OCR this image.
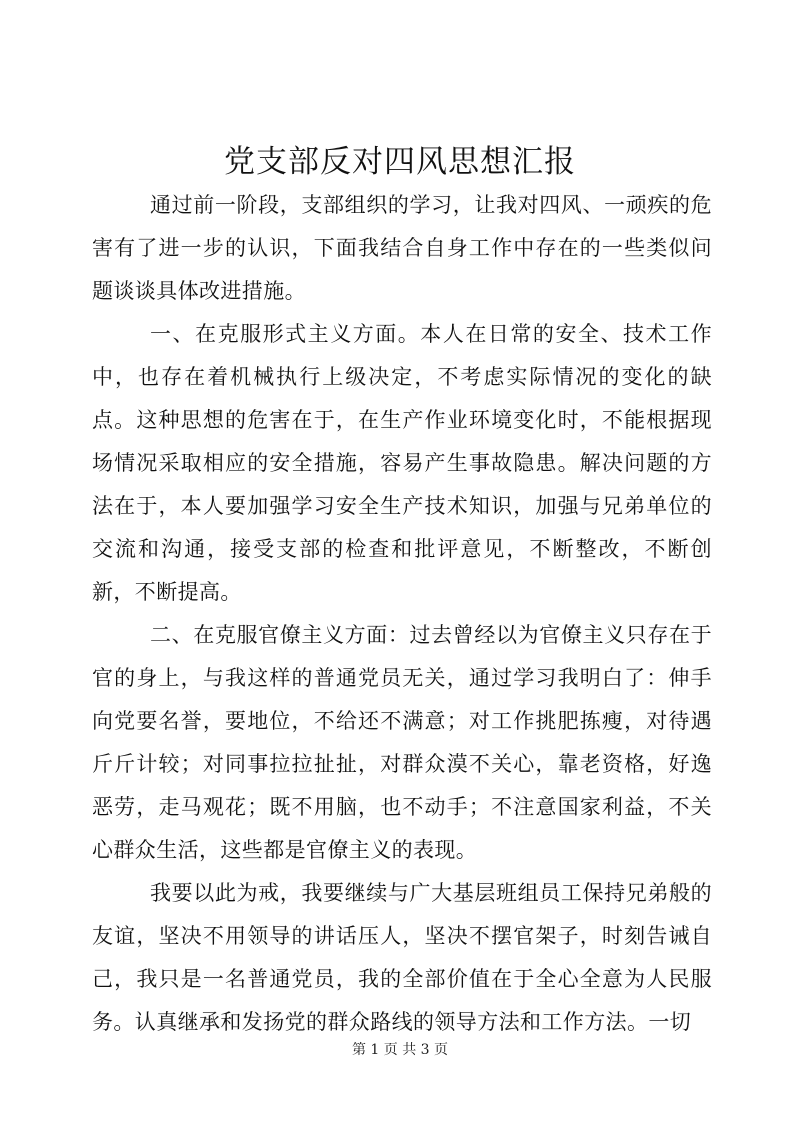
党支部反对四风思想汇报

通过前一阶段，支部组织的学习，让我对四风、一顽疾的危害有了进一步的认识，下面我结合自身工作中存在的一些类似问题谈谈具体改进措施。

一、在克服形式主义方面。本人在日常的安全、技术工作中，也存在着机械执行上级决定，不考虑实际情况的变化的缺点。这种思想的危害在于，在生产作业环境变化时，不能根据现场情况采取相应的安全措施，容易产生事故隐患。解决问题的方法在于，本人要加强学习安全生产技术知识，加强与兄弟单位的交流和沟通，接受支部的检查和批评意见，不断整改，不断创新，不断提高。

二、在克服官僚主义方面：过去曾经以为官僚主义只存在于官的身上，与我这样的普通党员无关，通过学习我明白了：伸手向党要名誉，要地位，不给还不满意；对工作挑肥拣瘦，对待遇斤斤计较；对同事拉拉扯扯，对群众漠不关心，靠老资格，好逸恶劳，走马观花；既不用脑，也不动手；不注意国家利益，不关心群众生活，这些都是官僚主义的表现。

我要以此为戒，我要继续与广大基层班组员工保持兄弟般的友谊，坚决不用领导的讲话压人，坚决不摆官架子，时刻告诫自己，我只是一名普通党员，我的全部价值在于全心全意为人民服务。认真继承和发扬党的群众路线的领导方法和工作方法。一切

第 1 页 共 3 页
